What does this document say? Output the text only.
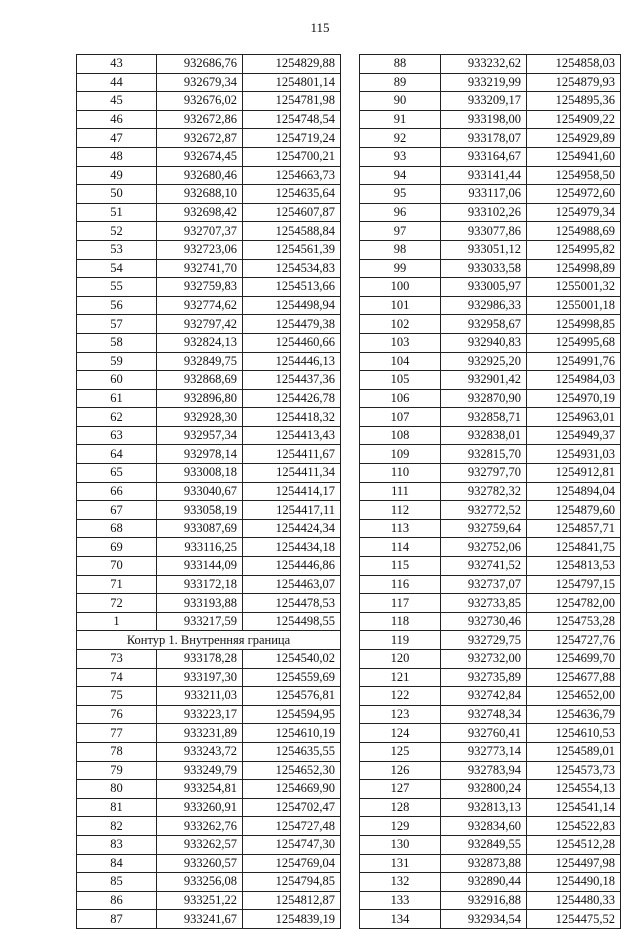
115
43	932686,76	1254829,88
44	932679,34	1254801,14
45	932676,02	1254781,98
46	932672,86	1254748,54
47	932672,87	1254719,24
48	932674,45	1254700,21
49	932680,46	1254663,73
50	932688,10	1254635,64
51	932698,42	1254607,87
52	932707,37	1254588,84
53	932723,06	1254561,39
54	932741,70	1254534,83
55	932759,83	1254513,66
56	932774,62	1254498,94
57	932797,42	1254479,38
58	932824,13	1254460,66
59	932849,75	1254446,13
60	932868,69	1254437,36
61	932896,80	1254426,78
62	932928,30	1254418,32
63	932957,34	1254413,43
64	932978,14	1254411,67
65	933008,18	1254411,34
66	933040,67	1254414,17
67	933058,19	1254417,11
68	933087,69	1254424,34
69	933116,25	1254434,18
70	933144,09	1254446,86
71	933172,18	1254463,07
72	933193,88	1254478,53
1	933217,59	1254498,55
Контур 1. Внутренняя граница		
73	933178,28	1254540,02
74	933197,30	1254559,69
75	933211,03	1254576,81
76	933223,17	1254594,95
77	933231,89	1254610,19
78	933243,72	1254635,55
79	933249,79	1254652,30
80	933254,81	1254669,90
81	933260,91	1254702,47
82	933262,76	1254727,48
83	933262,57	1254747,30
84	933260,57	1254769,04
85	933256,08	1254794,85
86	933251,22	1254812,87
87	933241,67	1254839,19
88	933232,62	1254858,03
89	933219,99	1254879,93
90	933209,17	1254895,36
91	933198,00	1254909,22
92	933178,07	1254929,89
93	933164,67	1254941,60
94	933141,44	1254958,50
95	933117,06	1254972,60
96	933102,26	1254979,34
97	933077,86	1254988,69
98	933051,12	1254995,82
99	933033,58	1254998,89
100	933005,97	1255001,32
101	932986,33	1255001,18
102	932958,67	1254998,85
103	932940,83	1254995,68
104	932925,20	1254991,76
105	932901,42	1254984,03
106	932870,90	1254970,19
107	932858,71	1254963,01
108	932838,01	1254949,37
109	932815,70	1254931,03
110	932797,70	1254912,81
111	932782,32	1254894,04
112	932772,52	1254879,60
113	932759,64	1254857,71
114	932752,06	1254841,75
115	932741,52	1254813,53
116	932737,07	1254797,15
117	932733,85	1254782,00
118	932730,46	1254753,28
119	932729,75	1254727,76
120	932732,00	1254699,70
121	932735,89	1254677,88
122	932742,84	1254652,00
123	932748,34	1254636,79
124	932760,41	1254610,53
125	932773,14	1254589,01
126	932783,94	1254573,73
127	932800,24	1254554,13
128	932813,13	1254541,14
129	932834,60	1254522,83
130	932849,55	1254512,28
131	932873,88	1254497,98
132	932890,44	1254490,18
133	932916,88	1254480,33
134	932934,54	1254475,52
